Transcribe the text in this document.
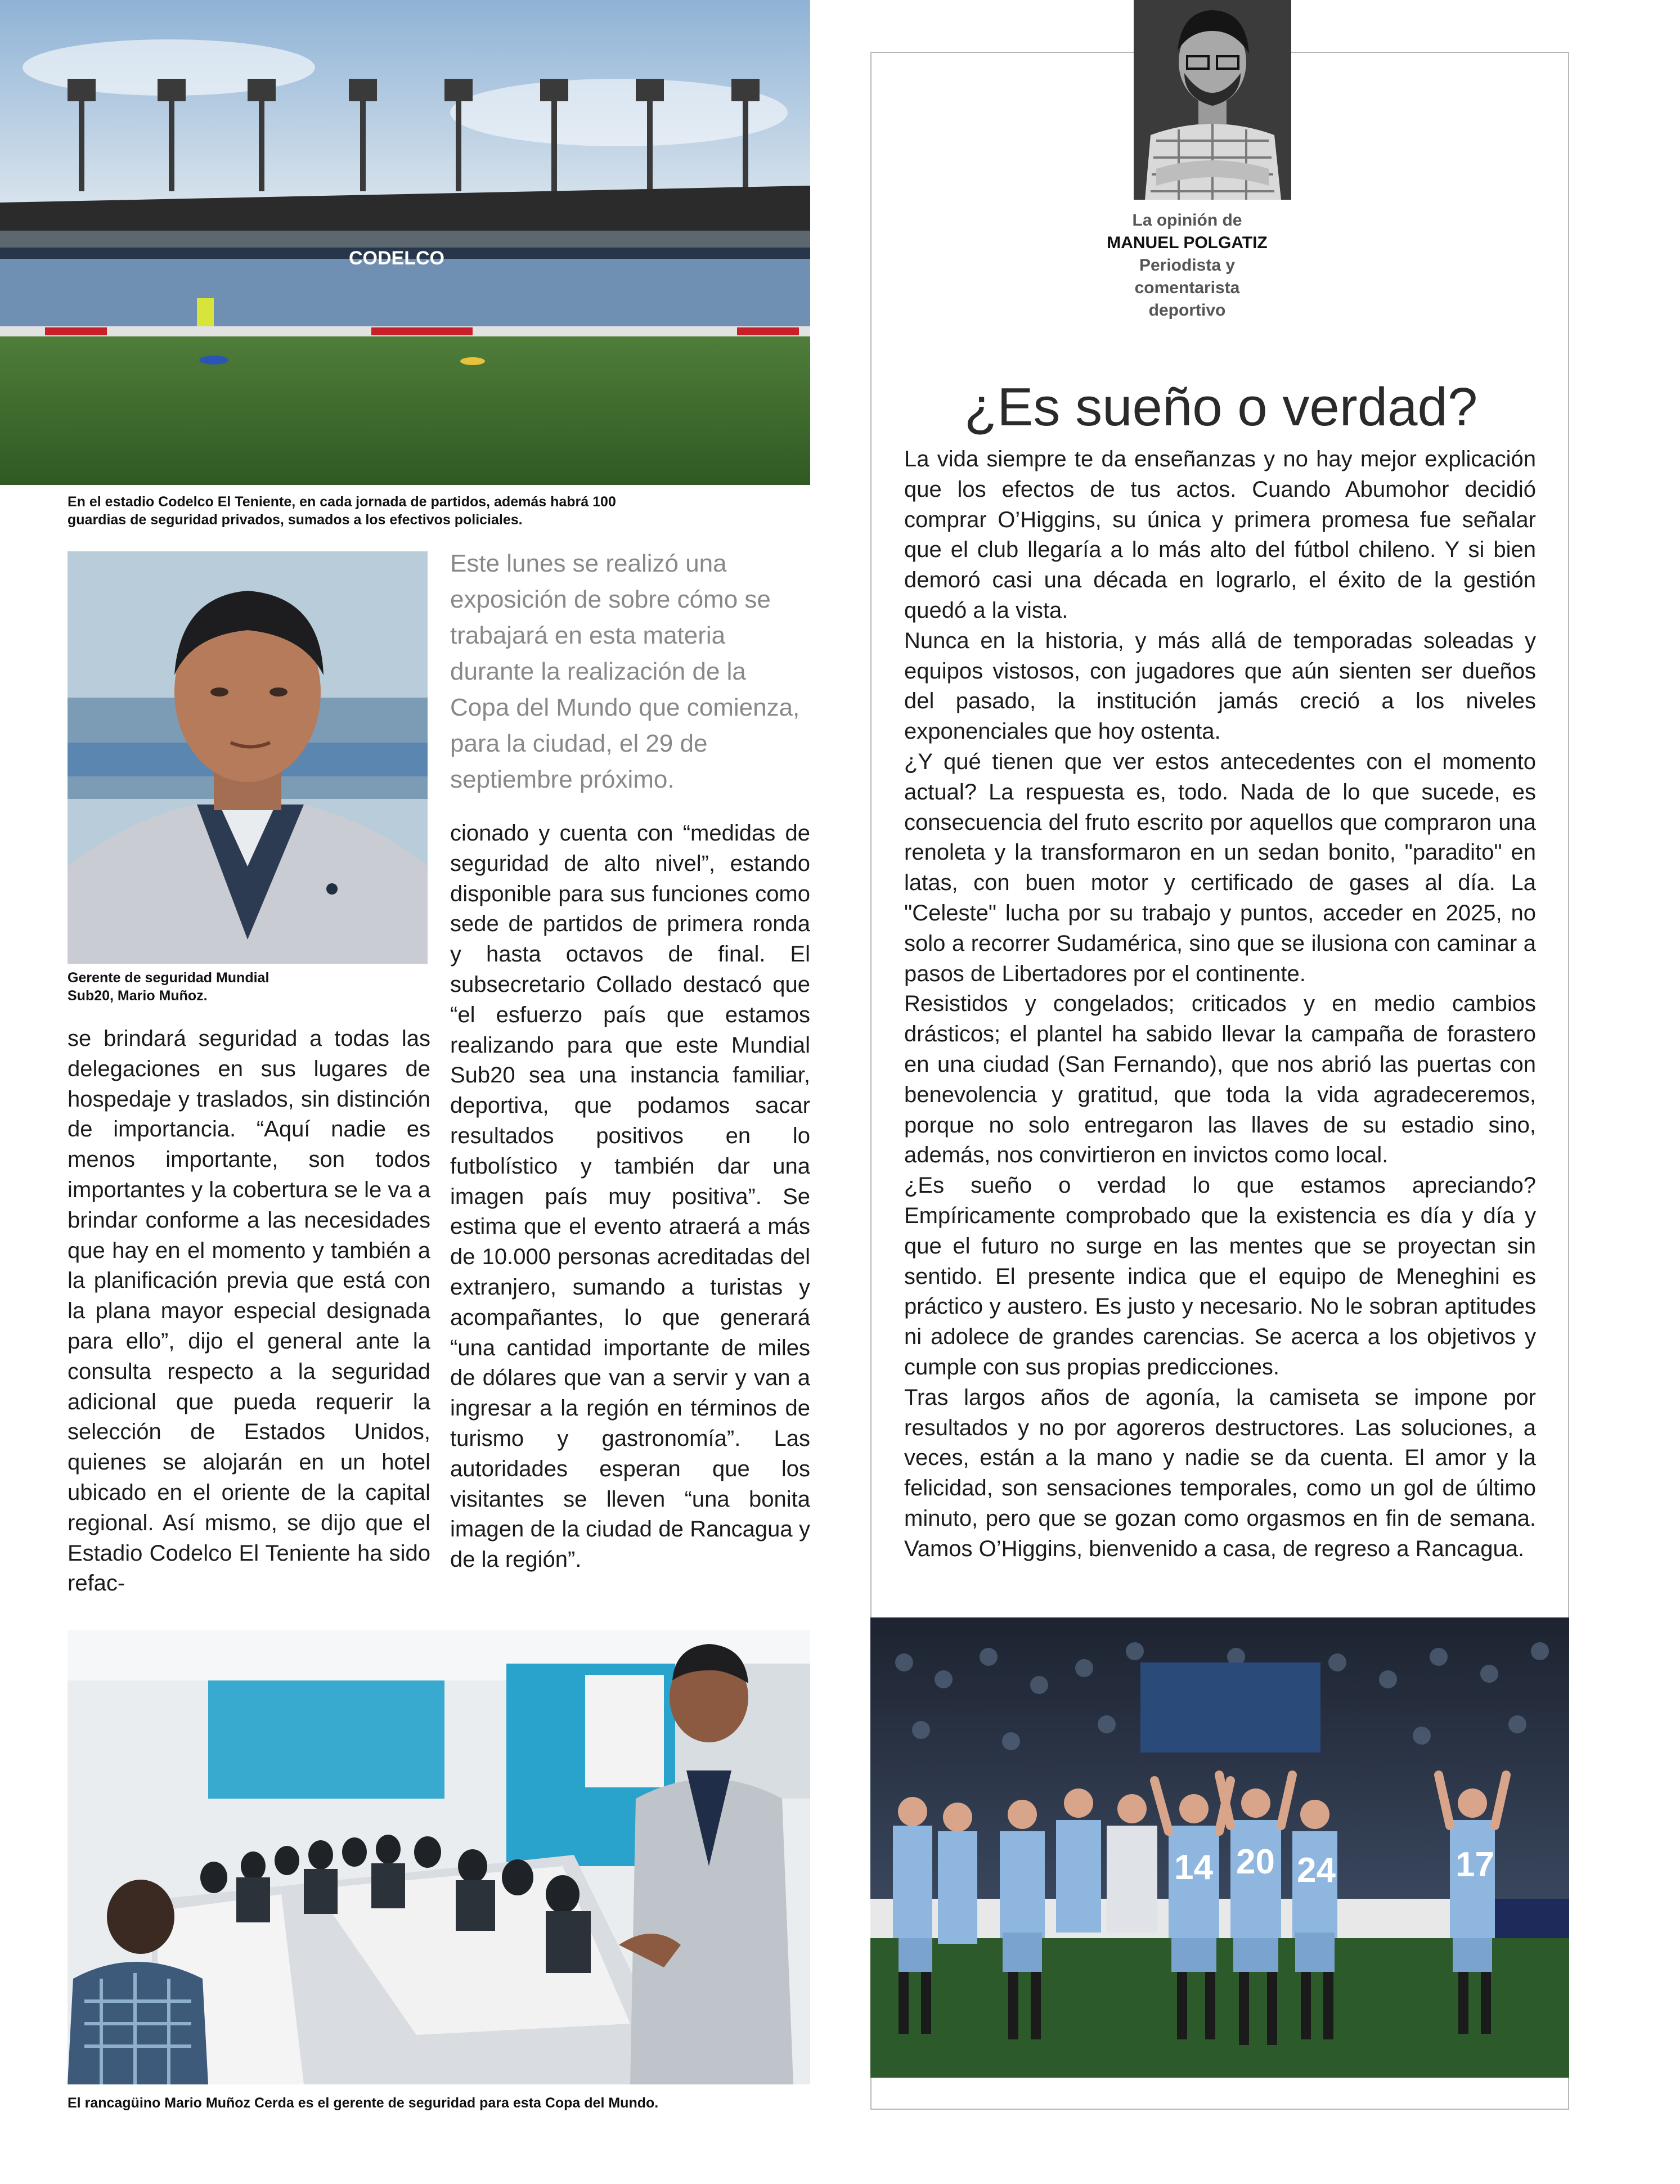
CODELCO
En el estadio Codelco El Teniente, en cada jornada de partidos, además habrá 100 guardias de seguridad privados, sumados a los efectivos policiales.
Gerente de seguridad Mundial Sub20, Mario Muñoz.
Este lunes se realizó una exposición de sobre cómo se trabajará en esta materia durante la realización de la Copa del Mundo que comienza, para la ciudad, el 29 de septiembre próximo.

se brindará seguridad a todas las delegaciones en sus lugares de hospedaje y traslados, sin distinción de importancia. “Aquí nadie es menos importante, son todos importantes y la cobertura se le va a brindar conforme a las necesidades que hay en el momento y también a la planificación previa que está con la plana mayor especial designada para ello”, dijo el general ante la consulta respecto a la seguridad adicional que pueda requerir la selección de Estados Unidos, quienes se alojarán en un hotel ubicado en el oriente de la capital regional. Así mismo, se dijo que el Estadio Codelco El Teniente ha sido refac-

cionado y cuenta con “medidas de seguridad de alto nivel”, estando disponible para sus funciones como sede de partidos de primera ronda y hasta octavos de final. El subsecretario Collado destacó que “el esfuerzo país que estamos realizando para que este Mundial Sub20 sea una instancia familiar, deportiva, que podamos sacar resultados positivos en lo futbolístico y también dar una imagen país muy positiva”. Se estima que el evento atraerá a más de 10.000 personas acreditadas del extranjero, sumando a turistas y acompañantes, lo que generará “una cantidad importante de miles de dólares que van a servir y van a ingresar a la región en términos de turismo y gastronomía”. Las autoridades esperan que los visitantes se lleven “una bonita imagen de la ciudad de Rancagua y de la región”.

El rancagüino Mario Muñoz Cerda es el gerente de seguridad para esta Copa del Mundo.
La opinión de
MANUEL POLGATIZ
Periodista y comentarista deportivo
¿Es sueño o verdad?

La vida siempre te da enseñanzas y no hay mejor explicación que los efectos de tus actos. Cuando Abumohor decidió comprar O’Higgins, su única y primera promesa fue señalar que el club llegaría a lo más alto del fútbol chileno. Y si bien demoró casi una década en lograrlo, el éxito de la gestión quedó a la vista.

Nunca en la historia, y más allá de temporadas soleadas y equipos vistosos, con jugadores que aún sienten ser dueños del pasado, la institución jamás creció a los niveles exponenciales que hoy ostenta.

¿Y qué tienen que ver estos antecedentes con el momento actual? La respuesta es, todo. Nada de lo que sucede, es consecuencia del fruto escrito por aquellos que compraron una renoleta y la transformaron en un sedan bonito, "paradito" en latas, con buen motor y certificado de gases al día. La "Celeste" lucha por su trabajo y puntos, acceder en 2025, no solo a recorrer Sudamérica, sino que se ilusiona con caminar a pasos de Libertadores por el continente.

Resistidos y congelados; criticados y en medio cambios drásticos; el plantel ha sabido llevar la campaña de forastero en una ciudad (San Fernando), que nos abrió las puertas con benevolencia y gratitud, que toda la vida agradeceremos, porque no solo entregaron las llaves de su estadio sino, además, nos convirtieron en invictos como local.

¿Es sueño o verdad lo que estamos apreciando? Empíricamente comprobado que la existencia es día y día y que el futuro no surge en las mentes que se proyectan sin sentido. El presente indica que el equipo de Meneghini es práctico y austero. Es justo y necesario. No le sobran aptitudes ni adolece de grandes carencias. Se acerca a los objetivos y cumple con sus propias predicciones.

Tras largos años de agonía, la camiseta se impone por resultados y no por agoreros destructores. Las soluciones, a veces, están a la mano y nadie se da cuenta. El amor y la felicidad, son sensaciones temporales, como un gol de último minuto, pero que se gozan como orgasmos en fin de semana. Vamos O’Higgins, bienvenido a casa, de regreso a Rancagua.

14 20 24	17
